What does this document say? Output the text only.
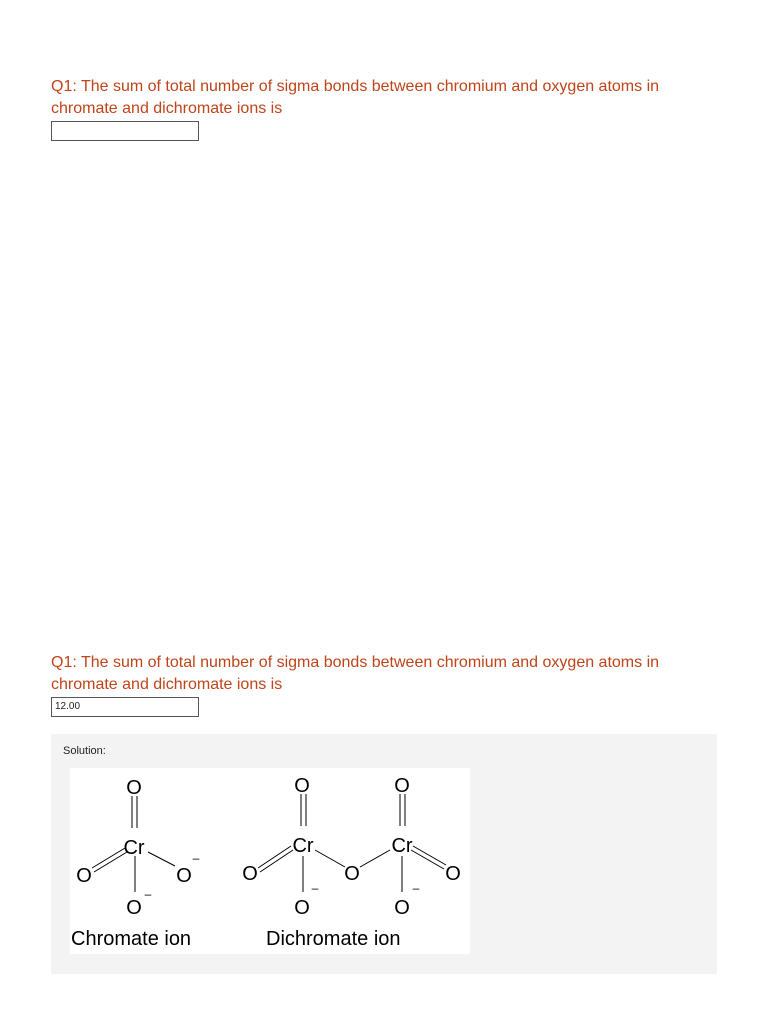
Q1: The sum of total number of sigma bonds between chromium and oxygen atoms in chromate and dichromate ions is

Q1: The sum of total number of sigma bonds between chromium and oxygen atoms in chromate and dichromate ions is

12.00
Solution:
O
Cr
O	O
O
O
Cr
O
O
O
O
Cr
O
O
–
–	–	–
Chromate ion	Dichromate ion
